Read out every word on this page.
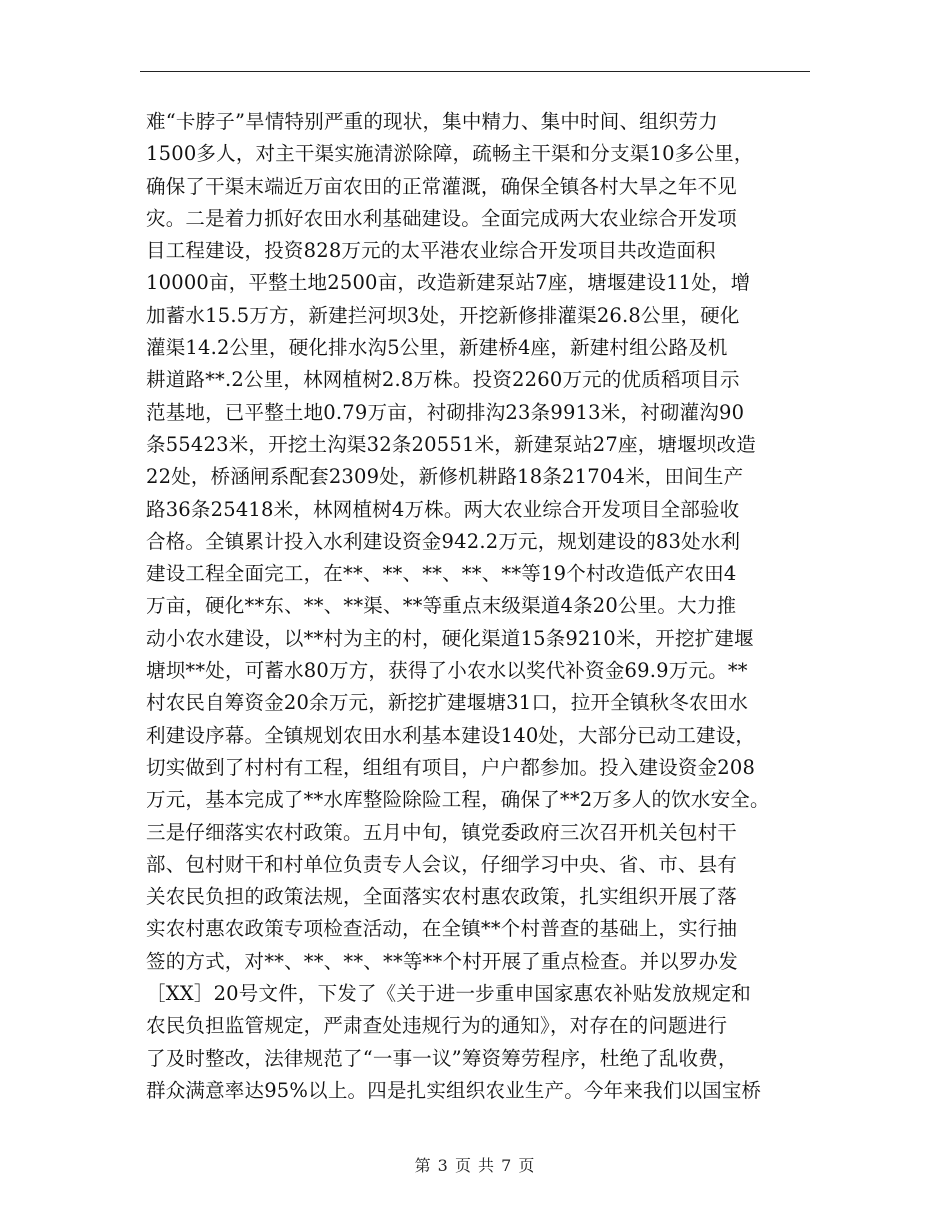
难“卡脖子”旱情特别严重的现状，集中精力、集中时间、组织劳力
1500多人，对主干渠实施清淤除障，疏畅主干渠和分支渠10多公里，
确保了干渠末端近万亩农田的正常灌溉，确保全镇各村大旱之年不见
灾。二是着力抓好农田水利基础建设。全面完成两大农业综合开发项
目工程建设，投资828万元的太平港农业综合开发项目共改造面积
10000亩，平整土地2500亩，改造新建泵站7座，塘堰建设11处，增
加蓄水15.5万方，新建拦河坝3处，开挖新修排灌渠26.8公里，硬化
灌渠14.2公里，硬化排水沟5公里，新建桥4座，新建村组公路及机
耕道路**.2公里，林网植树2.8万株。投资2260万元的优质稻项目示
范基地，已平整土地0.79万亩，衬砌排沟23条9913米，衬砌灌沟90
条55423米，开挖土沟渠32条20551米，新建泵站27座，塘堰坝改造
22处，桥涵闸系配套2309处，新修机耕路18条21704米，田间生产
路36条25418米，林网植树4万株。两大农业综合开发项目全部验收
合格。全镇累计投入水利建设资金942.2万元，规划建设的83处水利
建设工程全面完工，在**、**、**、**、**等19个村改造低产农田4
万亩，硬化**东、**、**渠、**等重点末级渠道4条20公里。大力推
动小农水建设，以**村为主的村，硬化渠道15条9210米，开挖扩建堰
塘坝**处，可蓄水80万方，获得了小农水以奖代补资金69.9万元。**
村农民自筹资金20余万元，新挖扩建堰塘31口，拉开全镇秋冬农田水
利建设序幕。全镇规划农田水利基本建设140处，大部分已动工建设，
切实做到了村村有工程，组组有项目，户户都参加。投入建设资金208
万元，基本完成了**水库整险除险工程，确保了**2万多人的饮水安全。
三是仔细落实农村政策。五月中旬，镇党委政府三次召开机关包村干
部、包村财干和村单位负责专人会议，仔细学习中央、省、市、县有
关农民负担的政策法规，全面落实农村惠农政策，扎实组织开展了落
实农村惠农政策专项检查活动，在全镇**个村普查的基础上，实行抽
签的方式，对**、**、**、**等**个村开展了重点检查。并以罗办发
［XX］20号文件，下发了《关于进一步重申国家惠农补贴发放规定和
农民负担监管规定，严肃查处违规行为的通知》，对存在的问题进行
了及时整改，法律规范了“一事一议”筹资筹劳程序，杜绝了乱收费，
群众满意率达95%以上。四是扎实组织农业生产。今年来我们以国宝桥
第 3 页 共 7 页
